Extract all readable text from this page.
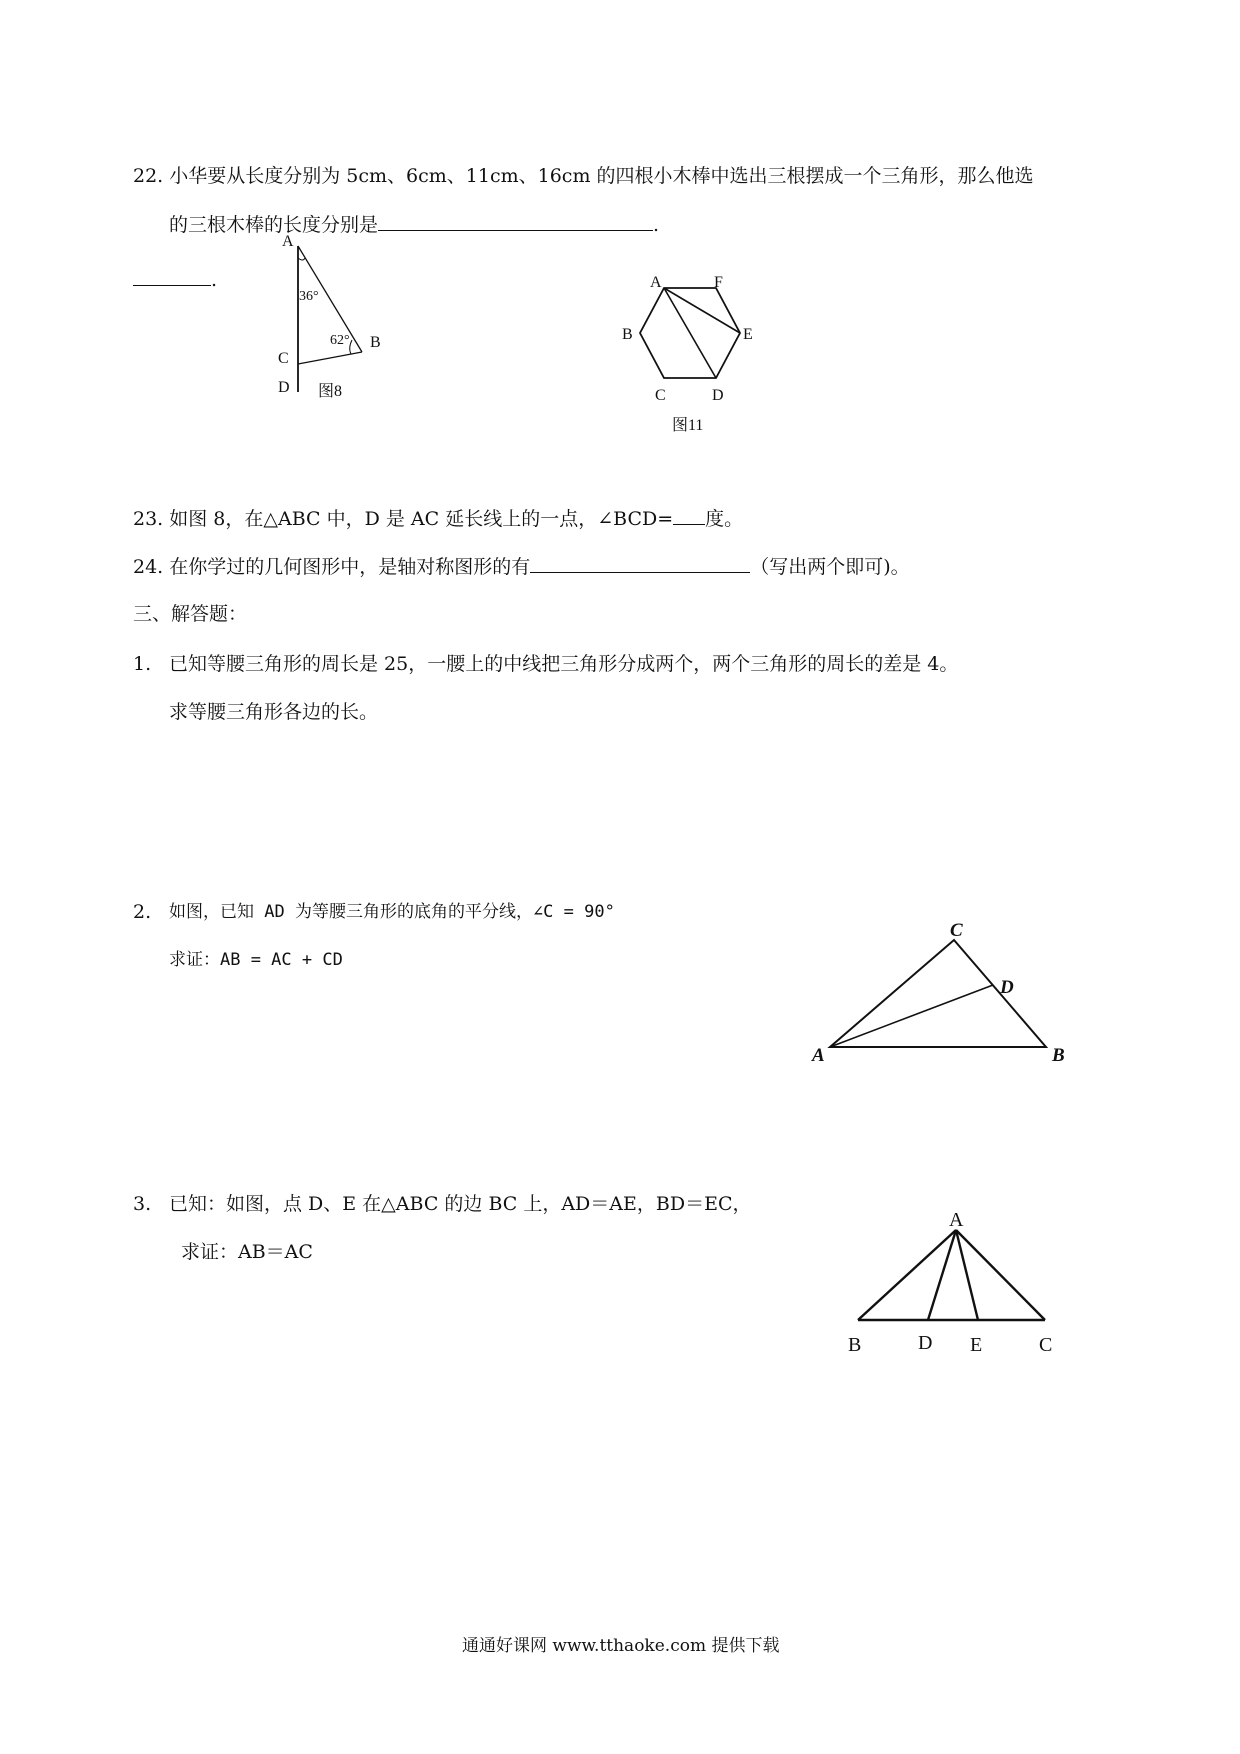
22. 小华要从长度分别为 5cm、6cm、11cm、16cm 的四根小木棒中选出三根摆成一个三角形，那么他选
的三根木棒的长度分别是	.
.
A
36°
62° B
C
D 图8
A	F
E
B
C	D
图11
23. 如图 8，在△ABC 中，D 是 AC 延长线上的一点，∠BCD= 度。
24. 在你学过的几何图形中，是轴对称图形的有	（写出两个即可)。
三、解答题：
1. 已知等腰三角形的周长是 25，一腰上的中线把三角形分成两个，两个三角形的周长的差是 4。
求等腰三角形各边的长。
2. 如图，已知 AD 为等腰三角形的底角的平分线，∠C = 90°
求证：AB = AC + CD
A
C
D
B
3. 已知：如图，点 D、E 在△ABC 的边 BC 上，AD＝AE，BD＝EC，
求证：AB＝AC
A
B	D E	C
通通好课网 www.tthaoke.com 提供下载
